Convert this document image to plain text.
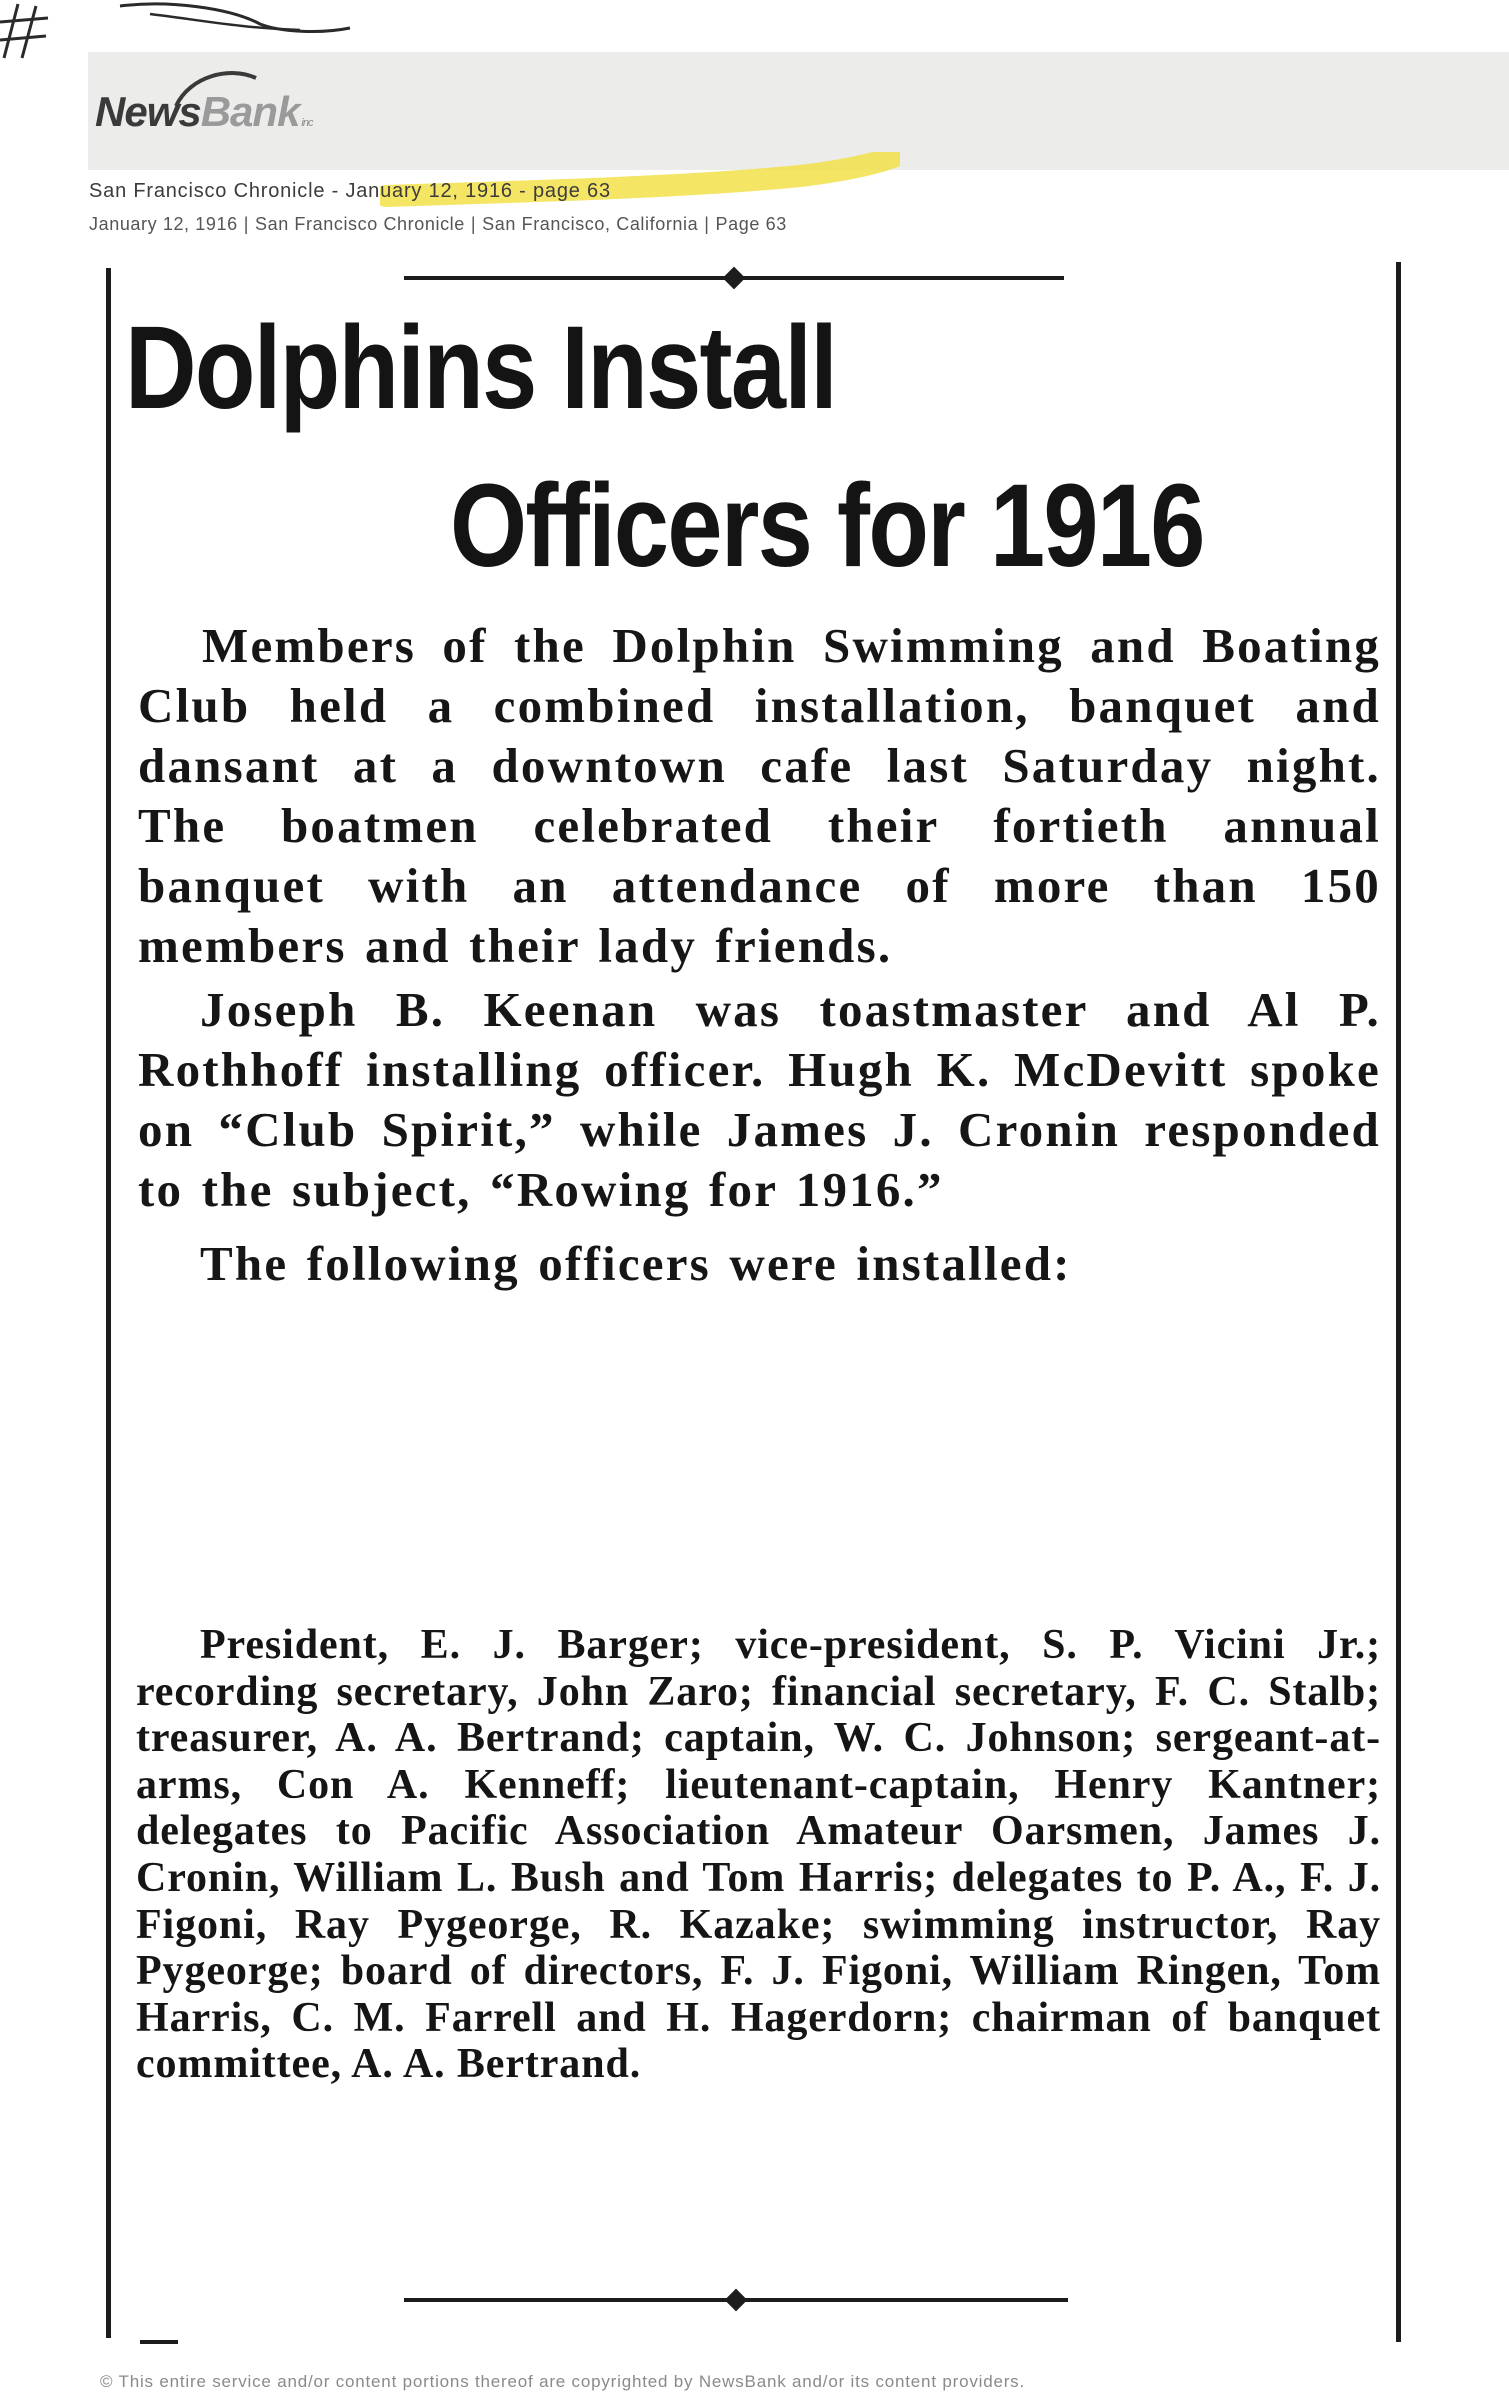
NewsBank inc
San Francisco Chronicle - January 12, 1916 - page 63
January 12, 1916 | San Francisco Chronicle | San Francisco, California | Page 63
Dolphins Install
Officers for 1916

Members of the Dolphin Swimming and Boating Club held a combined installation, banquet and dansant at a downtown cafe last Saturday night. The boatmen celebrated their fortieth annual banquet with an attendance of more than 150 members and their lady friends.

Joseph B. Keenan was toastmaster and Al P. Rothhoff installing officer. Hugh K. McDevitt spoke on “Club Spirit,” while James J. Cronin responded to the subject, “Rowing for 1916.”

The following officers were installed:

President, E. J. Barger; vice-president, S. P. Vicini Jr.; recording secretary, John Zaro; financial secretary, F. C. Stalb; treasurer, A. A. Bertrand; captain, W. C. Johnson; sergeant-at-arms, Con A. Kenneff; lieutenant-captain, Henry Kantner; delegates to Pacific Association Amateur Oarsmen, James J. Cronin, William L. Bush and Tom Harris; delegates to P. A., F. J. Figoni, Ray Pygeorge, R. Kazake; swimming instructor, Ray Pygeorge; board of directors, F. J. Figoni, William Ringen, Tom Harris, C. M. Farrell and H. Hagerdorn; chairman of banquet committee, A. A. Bertrand.

© This entire service and/or content portions thereof are copyrighted by NewsBank and/or its content providers.
